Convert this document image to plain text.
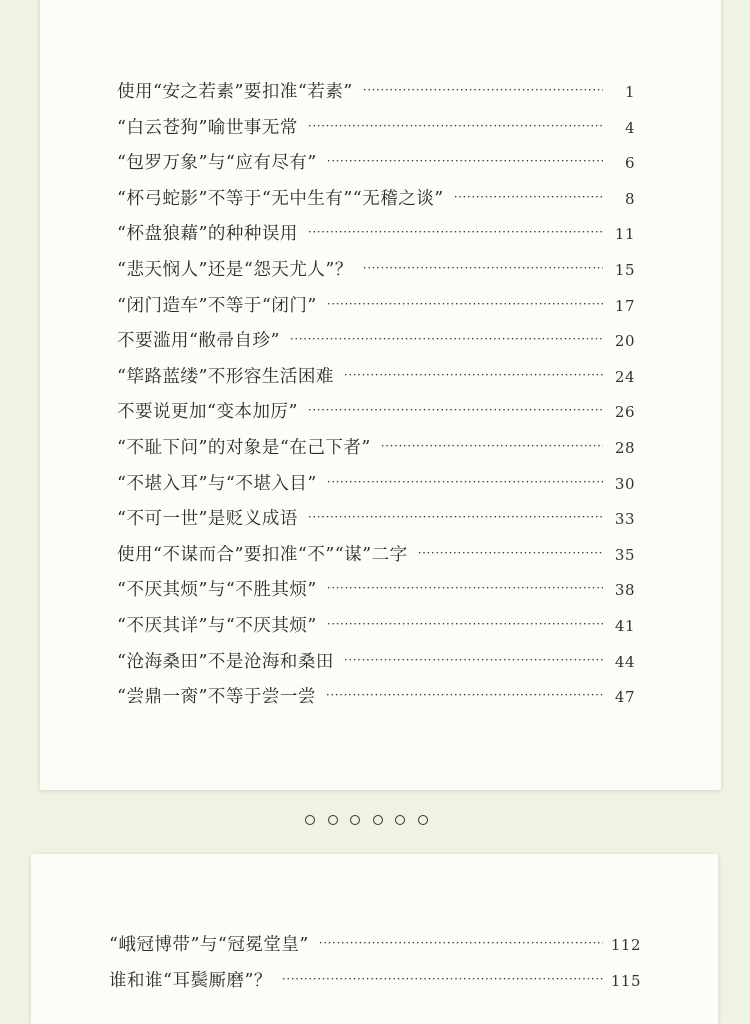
使用“安之若素”要扣准“若素” ·····	1
“白云苍狗”喻世事无常 ·····	4
“包罗万象”与“应有尽有” ·····	6
“杯弓蛇影”不等于“无中生有”“无稽之谈” ·····	8
“杯盘狼藉”的种种误用 ·····	11
“悲天悯人”还是“怨天尤人”？ ·····	15
“闭门造车”不等于“闭门” ·····	17
不要滥用“敝帚自珍” ·····	20
“筚路蓝缕”不形容生活困难 ·····	24
不要说更加“变本加厉” ·····	26
“不耻下问”的对象是“在己下者” ·····	28
“不堪入耳”与“不堪入目” ·····	30
“不可一世”是贬义成语 ·····	33
使用“不谋而合”要扣准“不”“谋”二字 ·····	35
“不厌其烦”与“不胜其烦” ·····	38
“不厌其详”与“不厌其烦” ·····	41
“沧海桑田”不是沧海和桑田 ·····	44
“尝鼎一脔”不等于尝一尝 ·····	47
“峨冠博带”与“冠冕堂皇” ·····	112
谁和谁“耳鬓厮磨”？ ·····	115
